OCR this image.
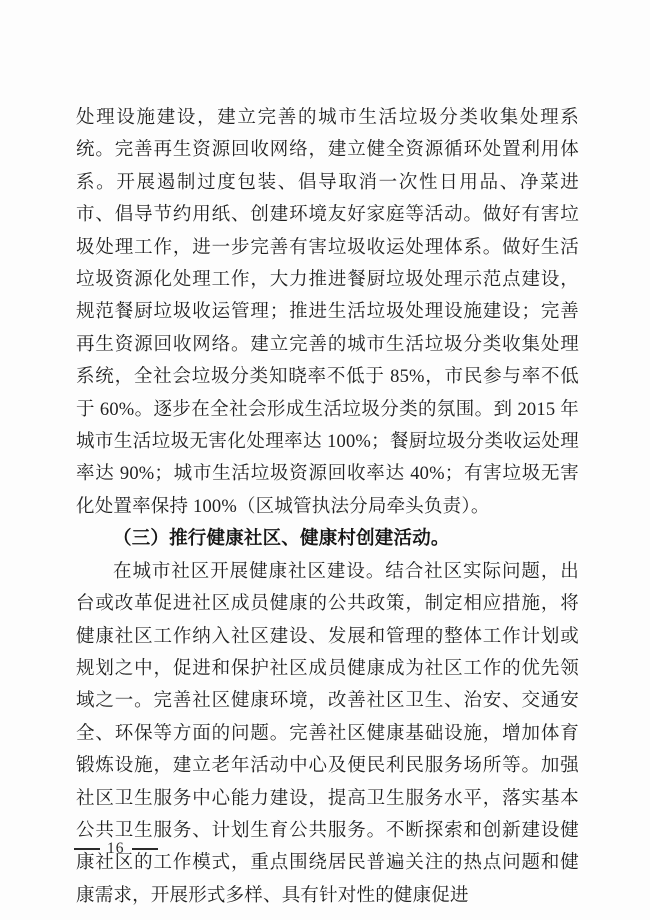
处理设施建设，建立完善的城市生活垃圾分类收集处理系统。完善再生资源回收网络，建立健全资源循环处置利用体系。开展遏制过度包装、倡导取消一次性日用品、净菜进市、倡导节约用纸、创建环境友好家庭等活动。做好有害垃圾处理工作，进一步完善有害垃圾收运处理体系。做好生活垃圾资源化处理工作，大力推进餐厨垃圾处理示范点建设，规范餐厨垃圾收运管理；推进生活垃圾处理设施建设；完善再生资源回收网络。建立完善的城市生活垃圾分类收集处理系统，全社会垃圾分类知晓率不低于 85%，市民参与率不低于 60%。逐步在全社会形成生活垃圾分类的氛围。到 2015 年城市生活垃圾无害化处理率达 100%；餐厨垃圾分类收运处理率达 90%；城市生活垃圾资源回收率达 40%；有害垃圾无害化处置率保持 100%（区城管执法分局牵头负责）。

（三）推行健康社区、健康村创建活动。

在城市社区开展健康社区建设。结合社区实际问题，出台或改革促进社区成员健康的公共政策，制定相应措施，将健康社区工作纳入社区建设、发展和管理的整体工作计划或规划之中，促进和保护社区成员健康成为社区工作的优先领域之一。完善社区健康环境，改善社区卫生、治安、交通安全、环保等方面的问题。完善社区健康基础设施，增加体育锻炼设施，建立老年活动中心及便民利民服务场所等。加强社区卫生服务中心能力建设，提高卫生服务水平，落实基本公共卫生服务、计划生育公共服务。不断探索和创新建设健康社区的工作模式，重点围绕居民普遍关注的热点问题和健康需求，开展形式多样、具有针对性的健康促进

16
